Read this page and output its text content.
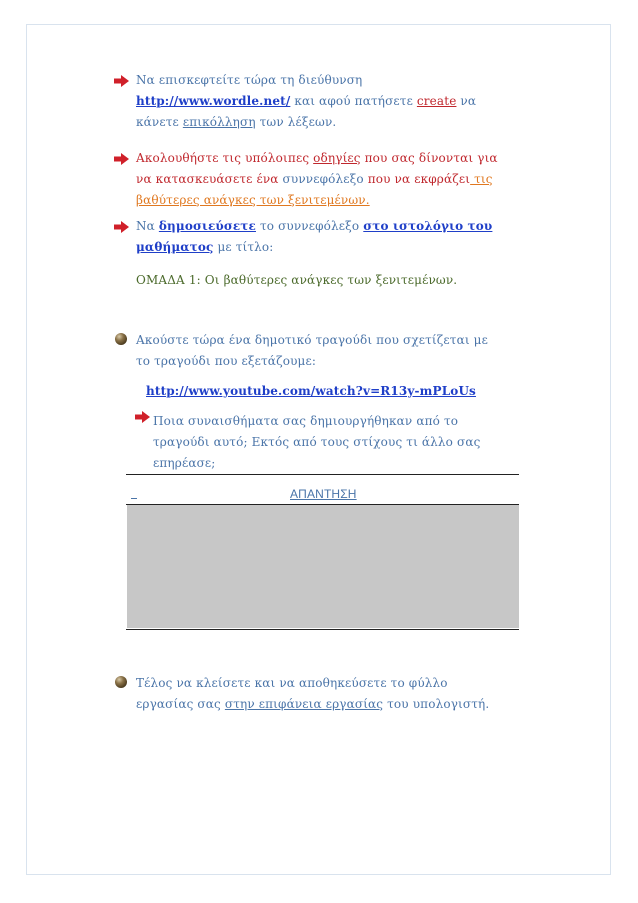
Να επισκεφτείτε τώρα τη διεύθυνση
http://www.wordle.net/ και αφού πατήσετε create να
κάνετε επικόλληση των λέξεων.
Ακολουθήστε τις υπόλοιπες οδηγίες που σας δίνονται για
να κατασκευάσετε ένα συννεφόλεξο που να εκφράζει τις
βαθύτερες ανάγκες των ξενιτεμένων.
Να δημοσιεύσετε το συννεφόλεξο στο ιστολόγιο του
μαθήματος με τίτλο:
ΟΜΑΔΑ 1: Οι βαθύτερες ανάγκες των ξενιτεμένων.
Ακούστε τώρα ένα δημοτικό τραγούδι που σχετίζεται με
το τραγούδι που εξετάζουμε:
http://www.youtube.com/watch?v=R13y-mPLoUs
Ποια συναισθήματα σας δημιουργήθηκαν από το
τραγούδι αυτό; Εκτός από τους στίχους τι άλλο σας
επηρέασε;
ΑΠΑΝΤΗΣΗ
Τέλος να κλείσετε και να αποθηκεύσετε το φύλλο
εργασίας σας στην επιφάνεια εργασίας του υπολογιστή.
